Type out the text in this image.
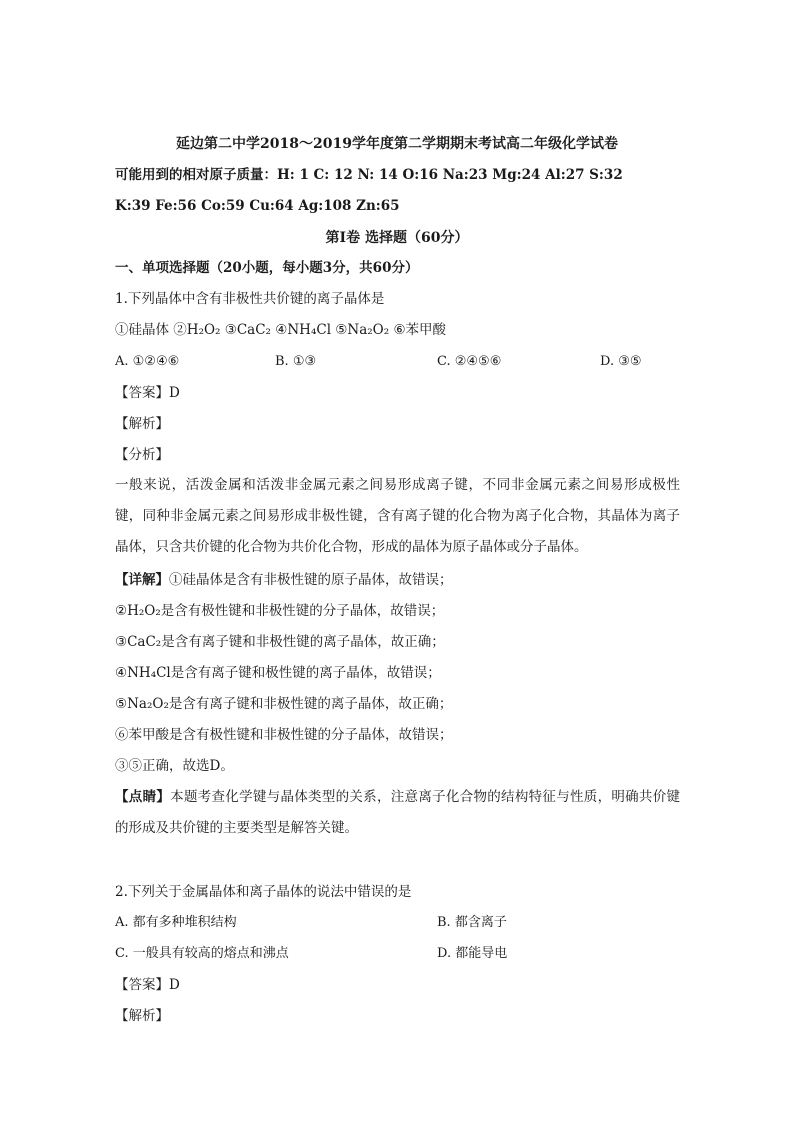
延边第二中学2018～2019学年度第二学期期末考试高二年级化学试卷
可能用到的相对原子质量：H: 1 C: 12 N: 14 O:16 Na:23 Mg:24 Al:27 S:32
K:39 Fe:56 Co:59 Cu:64 Ag:108 Zn:65
第Ⅰ卷 选择题（60分）
一、单项选择题（20小题，每小题3分，共60分）
1.下列晶体中含有非极性共价键的离子晶体是
①硅晶体 ②H₂O₂ ③CaC₂ ④NH₄Cl ⑤Na₂O₂ ⑥苯甲酸
A. ①②④⑥	B. ①③	C. ②④⑤⑥	D. ③⑤
【答案】D
【解析】
【分析】
一般来说，活泼金属和活泼非金属元素之间易形成离子键，不同非金属元素之间易形成极性键，同种非金属元素之间易形成非极性键，含有离子键的化合物为离子化合物，其晶体为离子晶体，只含共价键的化合物为共价化合物，形成的晶体为原子晶体或分子晶体。
【详解】①硅晶体是含有非极性键的原子晶体，故错误；
②H₂O₂是含有极性键和非极性键的分子晶体，故错误；
③CaC₂是含有离子键和非极性键的离子晶体，故正确；
④NH₄Cl是含有离子键和极性键的离子晶体，故错误；
⑤Na₂O₂是含有离子键和非极性键的离子晶体，故正确；
⑥苯甲酸是含有极性键和非极性键的分子晶体，故错误；
③⑤正确，故选D。
【点睛】本题考查化学键与晶体类型的关系，注意离子化合物的结构特征与性质，明确共价键的形成及共价键的主要类型是解答关键。
2.下列关于金属晶体和离子晶体的说法中错误的是
A. 都有多种堆积结构	B. 都含离子
C. 一般具有较高的熔点和沸点	D. 都能导电
【答案】D
【解析】
